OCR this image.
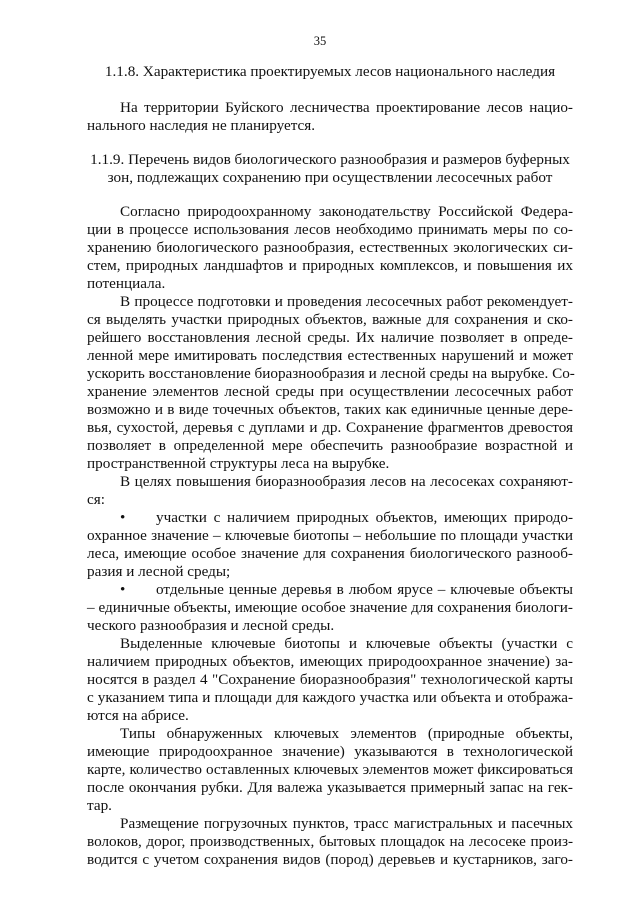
35
1.1.8. Характеристика проектируемых лесов национального наследия
На территории Буйского лесничества проектирование лесов нацио-
нального наследия не планируется.
1.1.9. Перечень видов биологического разнообразия и размеров буферных
зон, подлежащих сохранению при осуществлении лесосечных работ
Согласно природоохранному законодательству Российской Федера-
ции в процессе использования лесов необходимо принимать меры по со-
хранению биологического разнообразия, естественных экологических си-
стем, природных ландшафтов и природных комплексов, и повышения их
потенциала.
В процессе подготовки и проведения лесосечных работ рекомендует-
ся выделять участки природных объектов, важные для сохранения и ско-
рейшего восстановления лесной среды. Их наличие позволяет в опреде-
ленной мере имитировать последствия естественных нарушений и может
ускорить восстановление биоразнообразия и лесной среды на вырубке. Со-
хранение элементов лесной среды при осуществлении лесосечных работ
возможно и в виде точечных объектов, таких как единичные ценные дере-
вья, сухостой, деревья с дуплами и др. Сохранение фрагментов древостоя
позволяет в определенной мере обеспечить разнообразие возрастной и
пространственной структуры леса на вырубке.
В целях повышения биоразнообразия лесов на лесосеках сохраняют-
ся:
• участки с наличием природных объектов, имеющих природо-
охранное значение – ключевые биотопы – небольшие по площади участки
леса, имеющие особое значение для сохранения биологического разнооб-
разия и лесной среды;
• отдельные ценные деревья в любом ярусе – ключевые объекты
– единичные объекты, имеющие особое значение для сохранения биологи-
ческого разнообразия и лесной среды.
Выделенные ключевые биотопы и ключевые объекты (участки с
наличием природных объектов, имеющих природоохранное значение) за-
носятся в раздел 4 "Сохранение биоразнообразия" технологической карты
с указанием типа и площади для каждого участка или объекта и отобража-
ются на абрисе.
Типы обнаруженных ключевых элементов (природные объекты,
имеющие природоохранное значение) указываются в технологической
карте, количество оставленных ключевых элементов может фиксироваться
после окончания рубки. Для валежа указывается примерный запас на гек-
тар.
Размещение погрузочных пунктов, трасс магистральных и пасечных
волоков, дорог, производственных, бытовых площадок на лесосеке произ-
водится с учетом сохранения видов (пород) деревьев и кустарников, заго-
